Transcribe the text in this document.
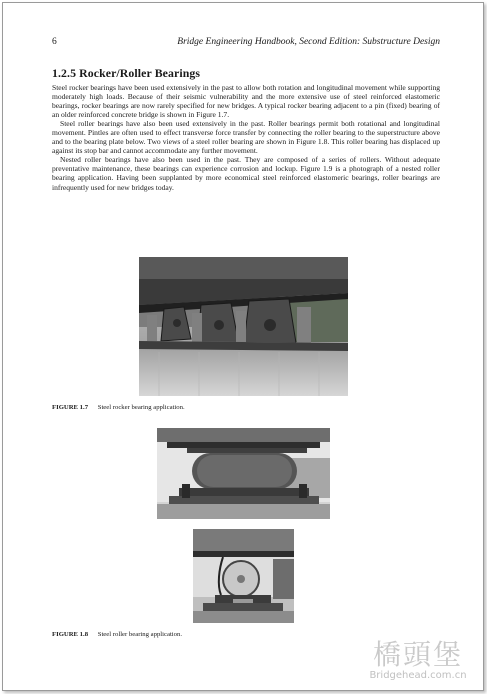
6	Bridge Engineering Handbook, Second Edition: Substructure Design
1.2.5 Rocker/Roller Bearings

Steel rocker bearings have been used extensively in the past to allow both rotation and longitudinal movement while supporting moderately high loads. Because of their seismic vulnerability and the more extensive use of steel reinforced elastomeric bearings, rocker bearings are now rarely specified for new bridges. A typical rocker bearing adjacent to a pin (fixed) bearing of an older reinforced concrete bridge is shown in Figure 1.7.

Steel roller bearings have also been used extensively in the past. Roller bearings permit both rotational and longitudinal movement. Pintles are often used to effect transverse force transfer by connecting the roller bearing to the superstructure above and to the bearing plate below. Two views of a steel roller bearing are shown in Figure 1.8. This roller bearing has displaced up against its stop bar and cannot accommodate any further movement.

Nested roller bearings have also been used in the past. They are composed of a series of rollers. Without adequate preventative maintenance, these bearings can experience corrosion and lockup. Figure 1.9 is a photograph of a nested roller bearing application. Having been supplanted by more economical steel reinforced elastomeric bearings, roller bearings are infrequently used for new bridges today.

FIGURE 1.7 Steel rocker bearing application.
FIGURE 1.8 Steel roller bearing application.
橋頭堡
Bridgehead.com.cn
